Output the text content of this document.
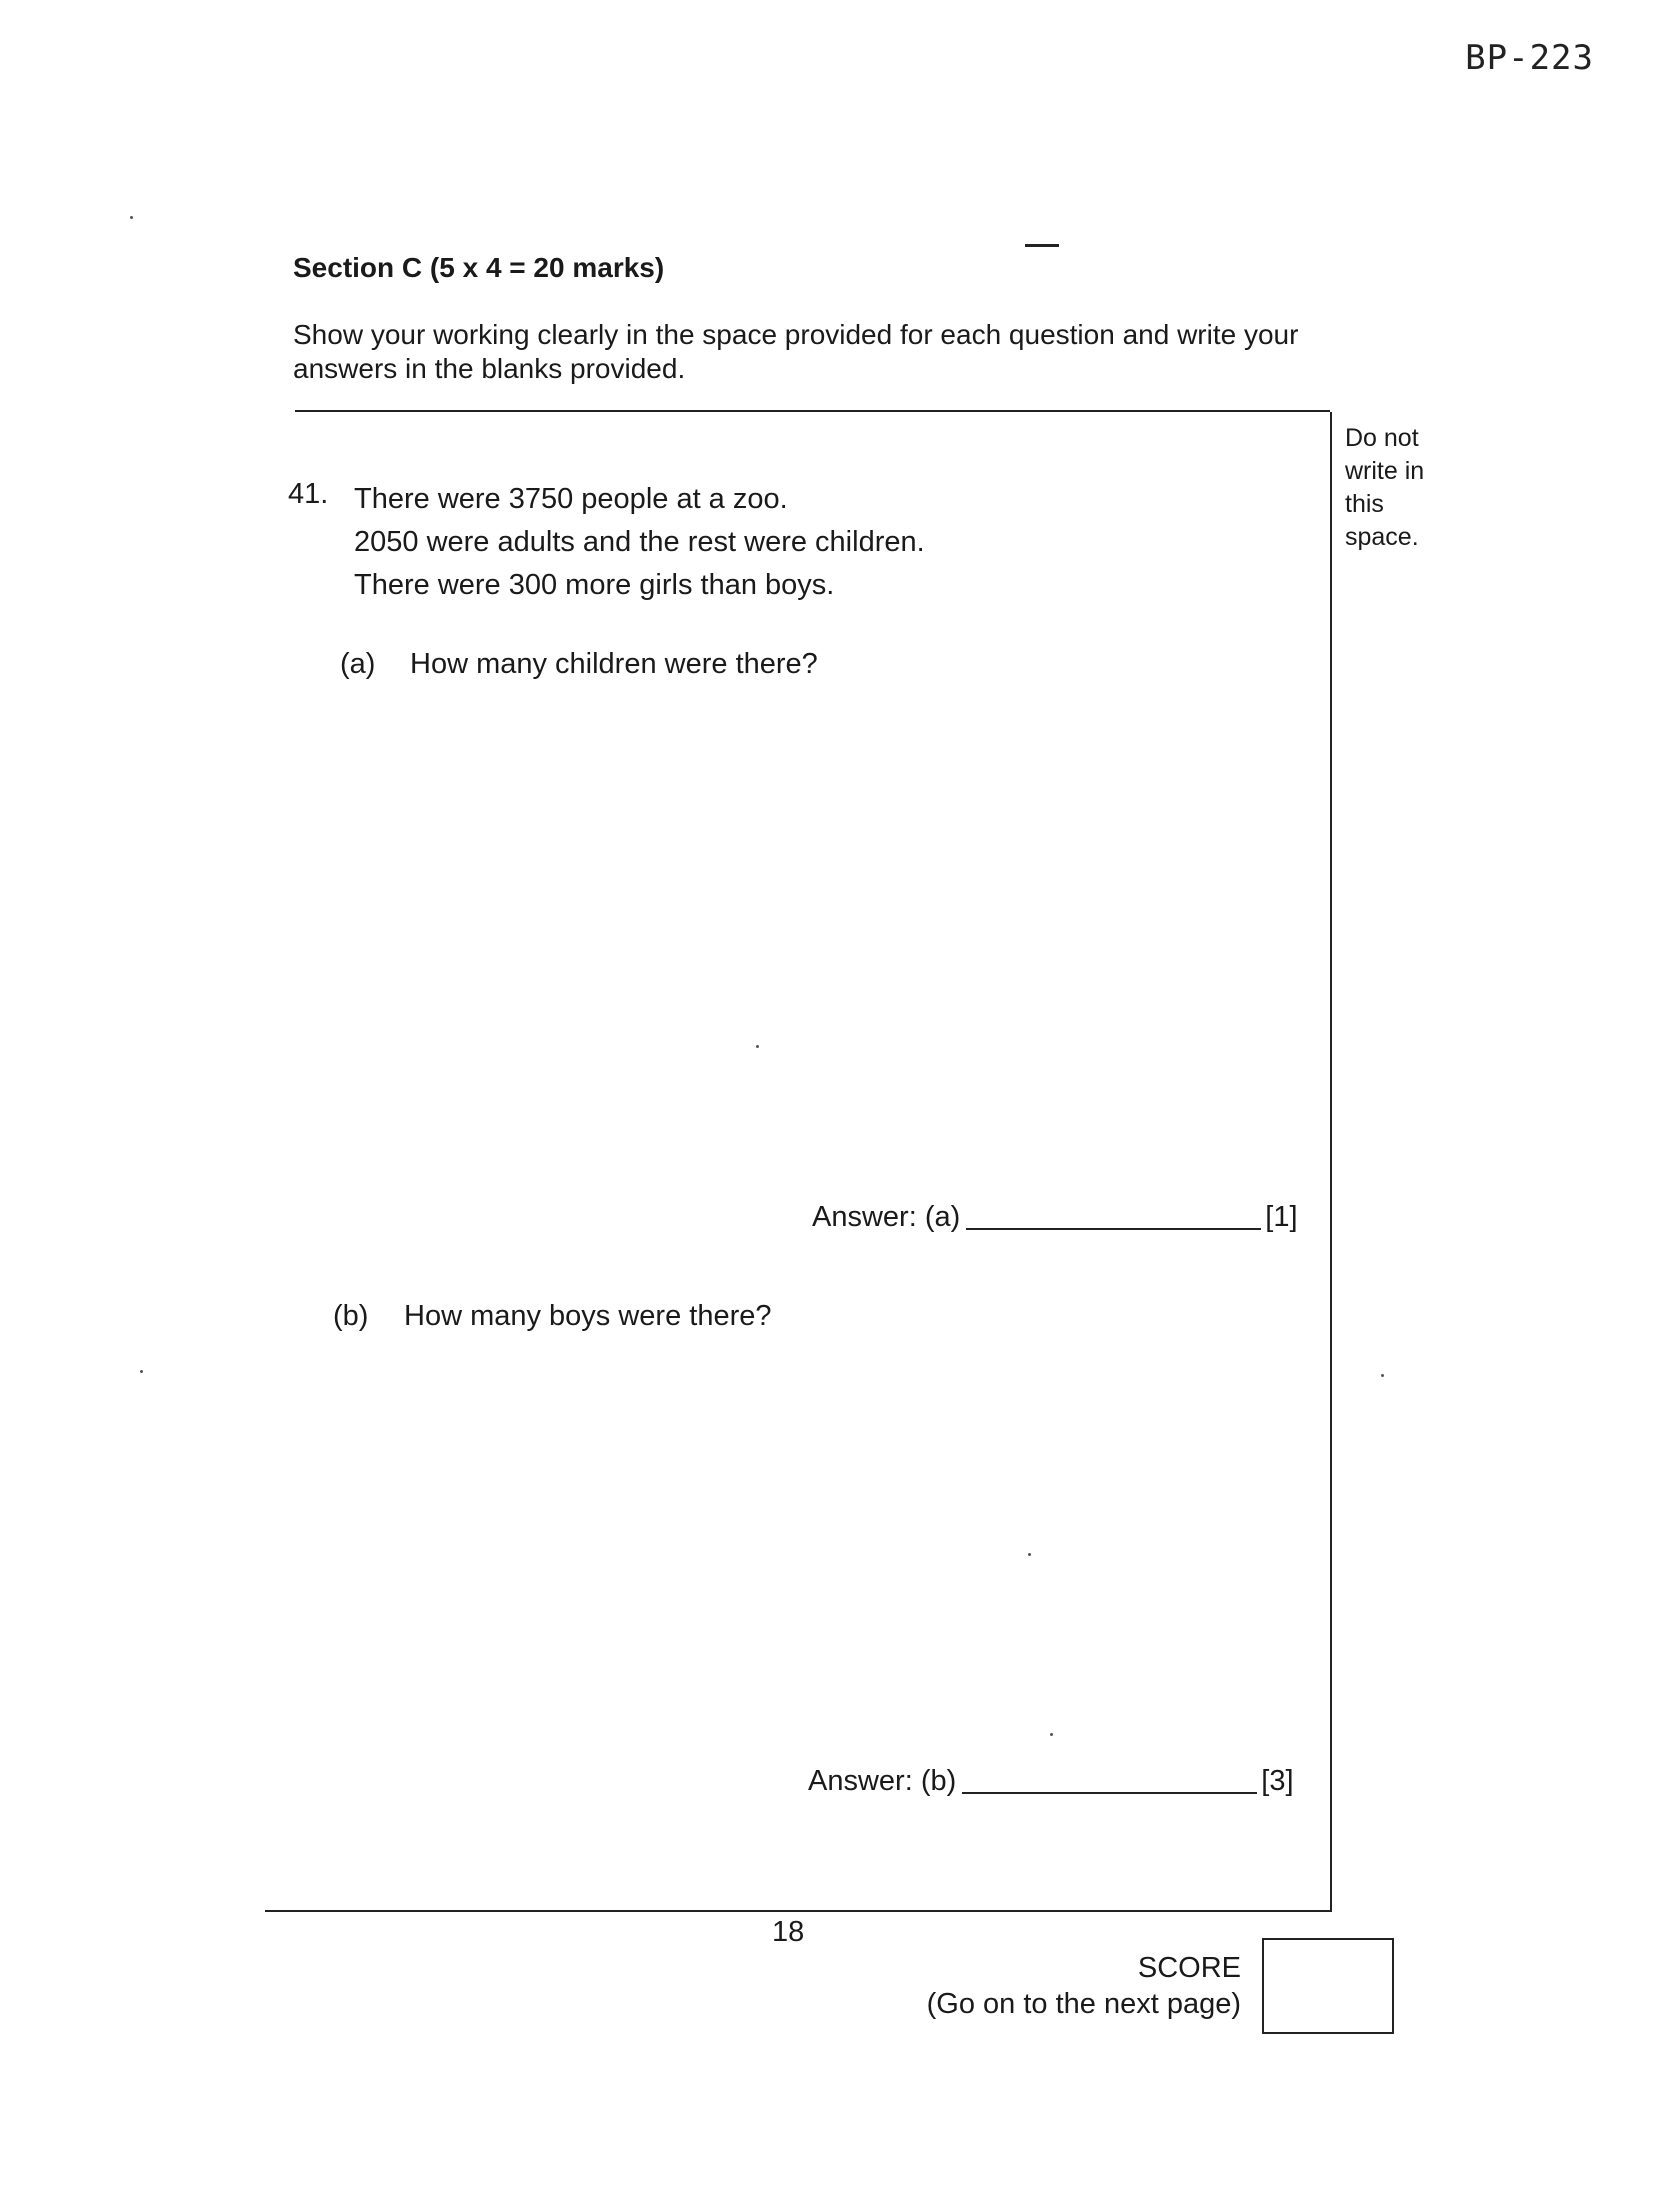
BP-223
Section C (5 x 4 = 20 marks)
Show your working clearly in the space provided for each question and write your answers in the blanks provided.
Do not
write in
this
space.
41. There were 3750 people at a zoo.
2050 were adults and the rest were children.
There were 300 more girls than boys.
(a) How many children were there?
Answer: (a)	[1]
(b) How many boys were there?
Answer: (b)	[3]
18
SCORE
(Go on to the next page)
